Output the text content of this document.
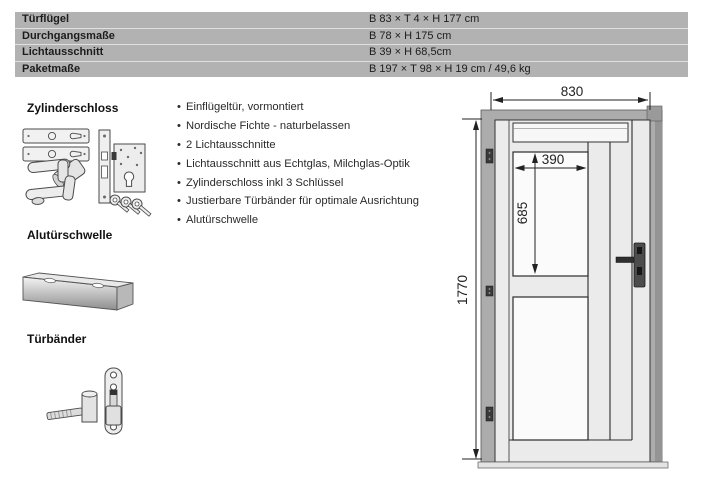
Türflügel	B 83 × T 4 × H 177 cm
Durchgangsmaße	B 78 × H 175 cm
Lichtausschnitt	B 39 × H 68,5cm
Paketmaße	B 197 × T 98 × H 19 cm / 49,6 kg
Zylinderschloss
Alutürschwelle
Türbänder
• Einflügeltür, vormontiert
• Nordische Fichte - naturbelassen
• 2 Lichtausschnitte
• Lichtausschnitt aus Echtglas, Milchglas-Optik
• Zylinderschloss inkl 3 Schlüssel
• Justierbare Türbänder für optimale Ausrichtung
• Alutürschwelle
830
1770
390
685
